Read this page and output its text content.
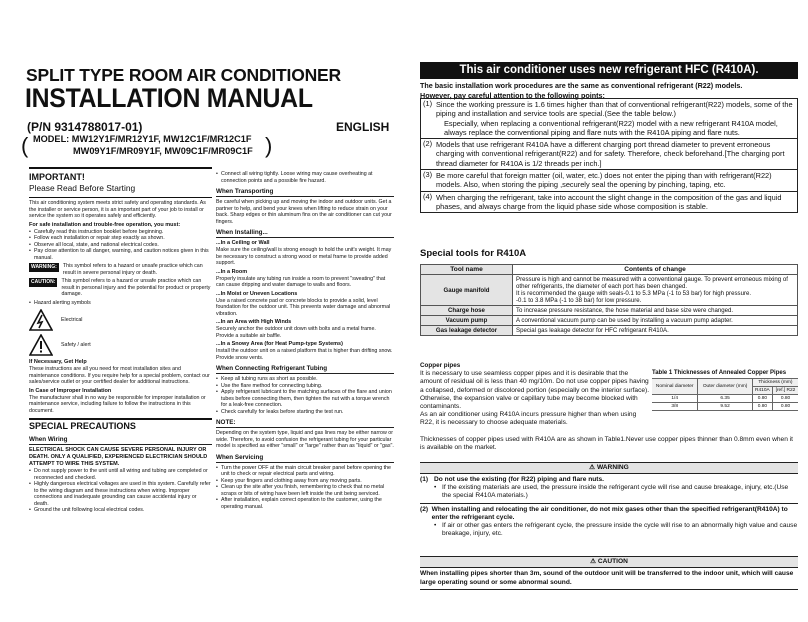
SPLIT TYPE ROOM AIR CONDITIONER
INSTALLATION MANUAL
(P/N 9314788017-01)	ENGLISH
( MODEL: MW12Y1F/MR12Y1F, MW12C1F/MR12C1F
MW09Y1F/MR09Y1F, MW09C1F/MR09C1F )
IMPORTANT!
Please Read Before Starting

This air conditioning system meets strict safety and operating standards. As the installer or service person, it is an important part of your job to install or service the system so it operates safely and efficiently.

For safe installation and trouble-free operation, you must:
• Carefully read this instruction booklet before beginning.
• Follow each installation or repair step exactly as shown.
• Observe all local, state, and national electrical codes.
• Pay close attention to all danger, warning, and caution notices given in this manual.
WARNING:	This symbol refers to a hazard or unsafe practice which can result in severe personal injury or death.
CAUTION:	This symbol refers to a hazard or unsafe practice which can result in personal injury and the potential for product or property damage.
• Hazard alerting symbols
Electrical
Safety / alert
If Necessary, Get Help

These instructions are all you need for most installation sites and maintenance conditions. If you require help for a special problem, contact our sales/service outlet or your certified dealer for additional instructions.

In Case of Improper Installation

The manufacturer shall in no way be responsible for improper installation or maintenance service, including failure to follow the instructions in this document.

SPECIAL PRECAUTIONS
When Wiring
ELECTRICAL SHOCK CAN CAUSE SEVERE PERSONAL INJURY OR DEATH. ONLY A QUALIFIED, EXPERIENCED ELECTRICIAN SHOULD ATTEMPT TO WIRE THIS SYSTEM.
• Do not supply power to the unit until all wiring and tubing are completed or reconnected and checked.
• Highly dangerous electrical voltages are used in this system. Carefully refer to the wiring diagram and these instructions when wiring. Improper connections and inadequate grounding can cause accidental injury or death.
• Ground the unit following local electrical codes.
• Connect all wiring tightly. Loose wiring may cause overheating at connection points and a possible fire hazard.
When Transporting

Be careful when picking up and moving the indoor and outdoor units. Get a partner to help, and bend your knees when lifting to reduce strain on your back. Sharp edges or thin aluminum fins on the air conditioner can cut your fingers.

When Installing...
...In a Ceiling or Wall

Make sure the ceiling/wall is strong enough to hold the unit's weight. It may be necessary to construct a strong wood or metal frame to provide added support.

...In a Room

Properly insulate any tubing run inside a room to prevent "sweating" that can cause dripping and water damage to walls and floors.

...In Moist or Uneven Locations

Use a raised concrete pad or concrete blocks to provide a solid, level foundation for the outdoor unit. This prevents water damage and abnormal vibration.

...In an Area with High Winds

Securely anchor the outdoor unit down with bolts and a metal frame. Provide a suitable air baffle.

...In a Snowy Area (for Heat Pump-type Systems)

Install the outdoor unit on a raised platform that is higher than drifting snow. Provide snow vents.

When Connecting Refrigerant Tubing
• Keep all tubing runs as short as possible.
• Use the flare method for connecting tubing.
• Apply refrigerant lubricant to the matching surfaces of the flare and union tubes before connecting them, then tighten the nut with a torque wrench for a leak-free connection.
• Check carefully for leaks before starting the test run.
NOTE:

Depending on the system type, liquid and gas lines may be either narrow or wide. Therefore, to avoid confusion the refrigerant tubing for your particular model is specified as either "small" or "large" rather than as "liquid" or "gas".

When Servicing
• Turn the power OFF at the main circuit breaker panel before opening the unit to check or repair electrical parts and wiring.
• Keep your fingers and clothing away from any moving parts.
• Clean up the site after you finish, remembering to check that no metal scraps or bits of wiring have been left inside the unit being serviced.
• After installation, explain correct operation to the customer, using the operating manual.
This air conditioner uses new refrigerant HFC (R410A).
The basic installation work procedures are the same as conventional refrigerant (R22) models.
However, pay careful attention to the following points:
(1) Since the working pressure is 1.6 times higher than that of conventional refrigerant(R22) models, some of the piping and installation and service tools are special.(See the table below.)
Especially, when replacing a conventional refrigerant(R22) model with a new refrigerant R410A model, always replace the conventional piping and flare nuts with the R410A piping and flare nuts.
(2) Models that use refrigerant R410A have a different charging port thread diameter to prevent erroneous charging with conventional refrigerant(R22) and for safety. Therefore, check beforehand.[The charging port thread diameter for R410A is 1/2 threads per inch.]
(3) Be more careful that foreign matter (oil, water, etc.) does not enter the piping than with refrigerant(R22) models. Also, when storing the piping ,securely seal the opening by pinching, taping, etc.
(4) When charging the refrigerant, take into account the slight change in the composition of the gas and liquid phases, and always charge from the liquid phase side whose composition is stable.
Special tools for R410A
Tool name	Contents of change
Gauge manifold	Pressure is high and cannot be measured with a conventional gauge. To prevent erroneous mixing of other refrigerants, the diameter of each port has been changed.
It is recommended the gauge with seals-0.1 to 5.3 MPa (-1 to 53 bar) for high pressure.
-0.1 to 3.8 MPa (-1 to 38 bar) for low pressure.

Charge hose	To increase pressure resistance, the hose material and base size were changed.
Vacuum pump	A conventional vacuum pump can be used by installing a vacuum pump adapter.
Gas leakage detector	Special gas leakage detector for HFC refrigerant R410A.
Copper pipes
It is necessary to use seamless copper pipes and it is desirable that the amount of residual oil is less than 40 mg/10m. Do not use copper pipes having a collapsed, deformed or discolored portion (especially on the interior surface). Otherwise, the expansion valve or capillary tube may become blocked with contaminants.
As an air conditioner using R410A incurs pressure higher than when using R22, it is necessary to choose adequate materials.
Thicknesses of copper pipes used with R410A are as shown in Table1.Never use copper pipes thinner than 0.8mm even when it is available on the market.
Table 1 Thicknesses of Annealed Copper Pipes
Nominal diameter	Outer diameter (mm)	Thickness (mm)	
		R410A	[ref.] R22
1/4	6.35	0.80	0.80
3/8	9.52	0.80	0.80
⚠ WARNING
(1) Do not use the existing (for R22) piping and flare nuts.
• If the existing materials are used, the pressure inside the refrigerant cycle will rise and cause breakage, injury, etc.(Use the special R410A materials.)
(2) When installing and relocating the air conditioner, do not mix gases other than the specified refrigerant(R410A) to enter the refrigerant cycle.
• If air or other gas enters the refrigerant cycle, the pressure inside the cycle will rise to an abnormally high value and cause breakage, injury, etc.
⚠ CAUTION
When installing pipes shorter than 3m, sound of the outdoor unit will be transferred to the indoor unit, which will cause large operating sound or some abnormal sound.
